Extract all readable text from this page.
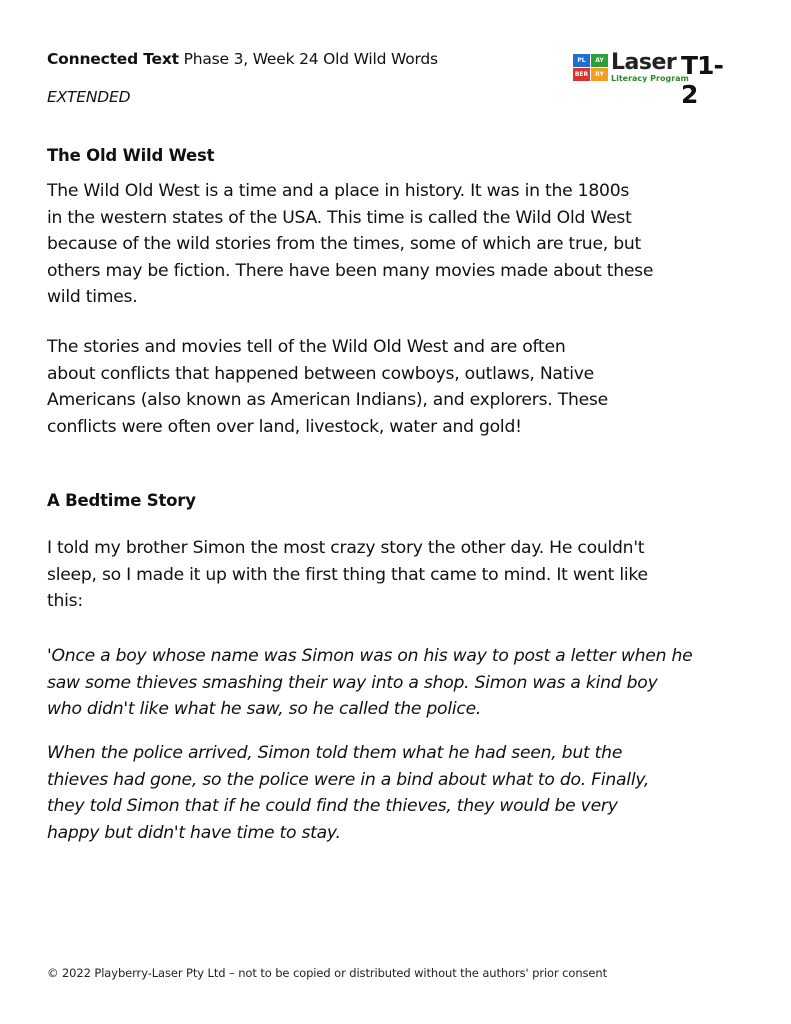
Connected Text Phase 3, Week 24 Old Wild Words
EXTENDED
PL	AY
BER	RY Laser
Literacy Program
T1-2
The Old Wild West
The Wild Old West is a time and a place in history. It was in the 1800s
in the western states of the USA. This time is called the Wild Old West
because of the wild stories from the times, some of which are true, but
others may be fiction. There have been many movies made about these
wild times.
The stories and movies tell of the Wild Old West and are often
about conflicts that happened between cowboys, outlaws, Native
Americans (also known as American Indians), and explorers. These
conflicts were often over land, livestock, water and gold!
A Bedtime Story
I told my brother Simon the most crazy story the other day. He couldn't
sleep, so I made it up with the first thing that came to mind. It went like
this:
'Once a boy whose name was Simon was on his way to post a letter when he
saw some thieves smashing their way into a shop. Simon was a kind boy
who didn't like what he saw, so he called the police.
When the police arrived, Simon told them what he had seen, but the
thieves had gone, so the police were in a bind about what to do. Finally,
they told Simon that if he could find the thieves, they would be very
happy but didn't have time to stay.
© 2022 Playberry-Laser Pty Ltd – not to be copied or distributed without the authors' prior consent
